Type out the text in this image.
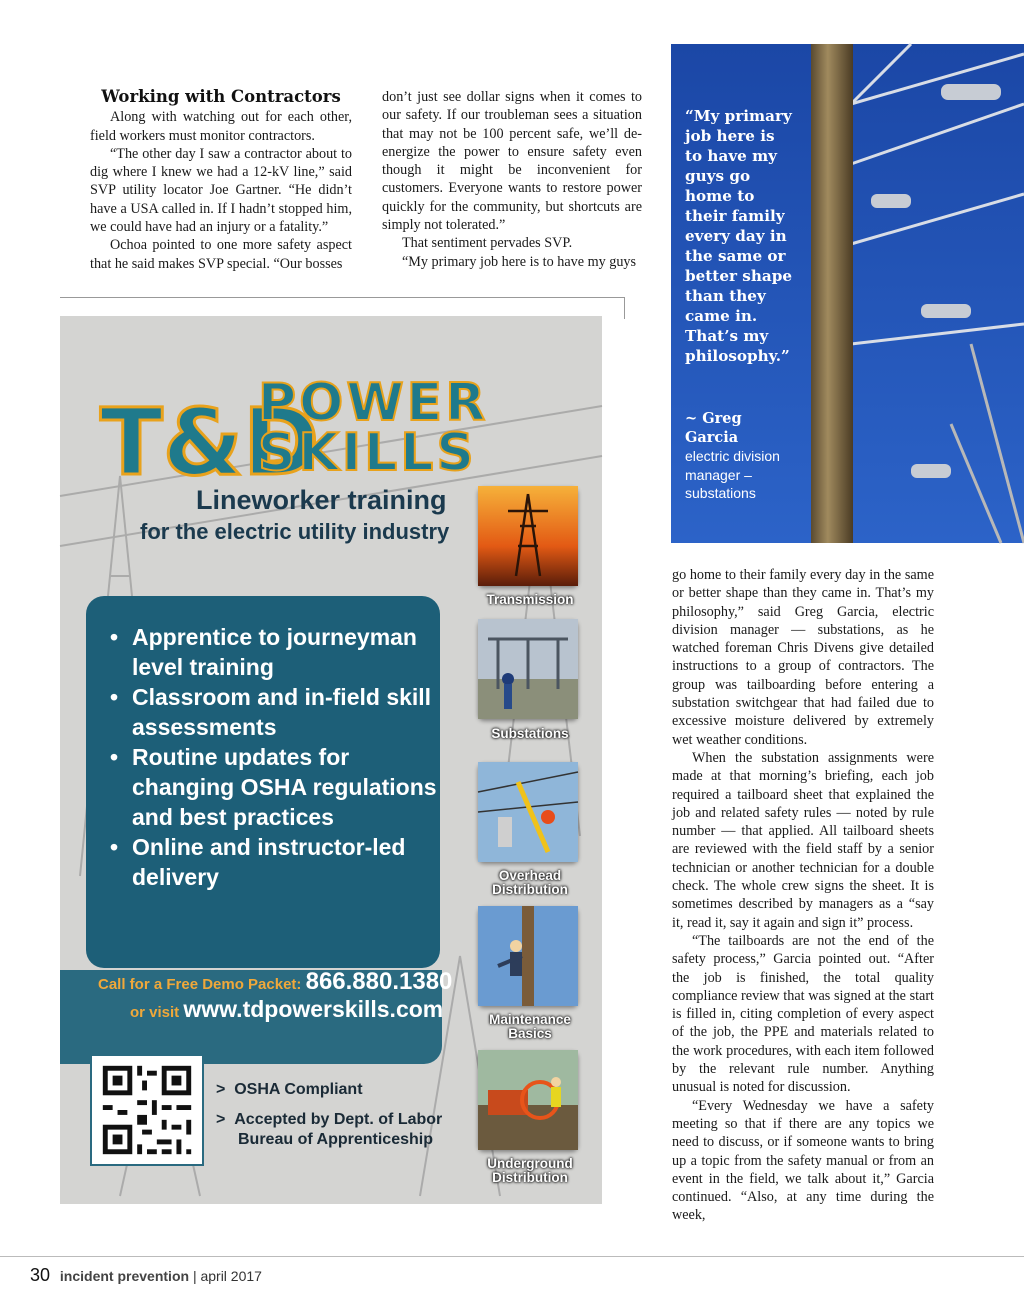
Working with Contractors

Along with watching out for each other, field workers must monitor contractors.

“The other day I saw a contractor about to dig where I knew we had a 12-kV line,” said SVP utility locator Joe Gartner. “He didn’t have a USA called in. If I hadn’t stopped him, we could have had an injury or a fatality.”

Ochoa pointed to one more safety aspect that he said makes SVP special. “Our bosses

don’t just see dollar signs when it comes to our safety. If our troubleman sees a situation that may not be 100 percent safe, we’ll de-energize the power to ensure safety even though it might be inconvenient for customers. Everyone wants to restore power quickly for the community, but shortcuts are simply not tolerated.”

That sentiment pervades SVP.

“My primary job here is to have my guys

“My primary job here is to have my guys go home to their family every day in the same or better shape than they came in. That’s my philosophy.”
~ Greg Garcia
electric division manager – substations

go home to their family every day in the same or better shape than they came in. That’s my philosophy,” said Greg Garcia, electric division manager — substations, as he watched foreman Chris Divens give detailed instructions to a group of contractors. The group was tailboarding before entering a substation switchgear that had failed due to excessive moisture delivered by extremely wet weather conditions.

When the substation assignments were made at that morning’s briefing, each job required a tailboard sheet that explained the job and related safety rules — noted by rule number — that applied. All tailboard sheets are reviewed with the field staff by a senior technician or another technician for a double check. The whole crew signs the sheet. It is sometimes described by managers as a “say it, read it, say it again and sign it” process.

“The tailboards are not the end of the safety process,” Garcia pointed out. “After the job is finished, the total quality compliance review that was signed at the start is filled in, citing completion of every aspect of the job, the PPE and materials related to the work procedures, with each item followed by the relevant rule number. Anything unusual is noted for discussion.

“Every Wednesday we have a safety meeting so that if there are any topics we need to discuss, or if someone wants to bring up a topic from the safety manual or from an event in the field, we talk about it,” Garcia continued. “Also, at any time during the week,

T&D
POWER
SKILLS
Lineworker training
for the electric utility industry
• Apprentice to journeyman level training
• Classroom and in-field skill assessments
• Routine updates for changing OSHA regulations and best practices
• Online and instructor-led delivery
Call for a Free Demo Packet: 866.880.1380
or visit www.tdpowerskills.com
>  OSHA Compliant
>  Accepted by Dept. of Labor
Bureau of Apprenticeship
Transmission
Substations
Overhead Distribution
Maintenance Basics
Underground Distribution
30 incident prevention | april 2017
